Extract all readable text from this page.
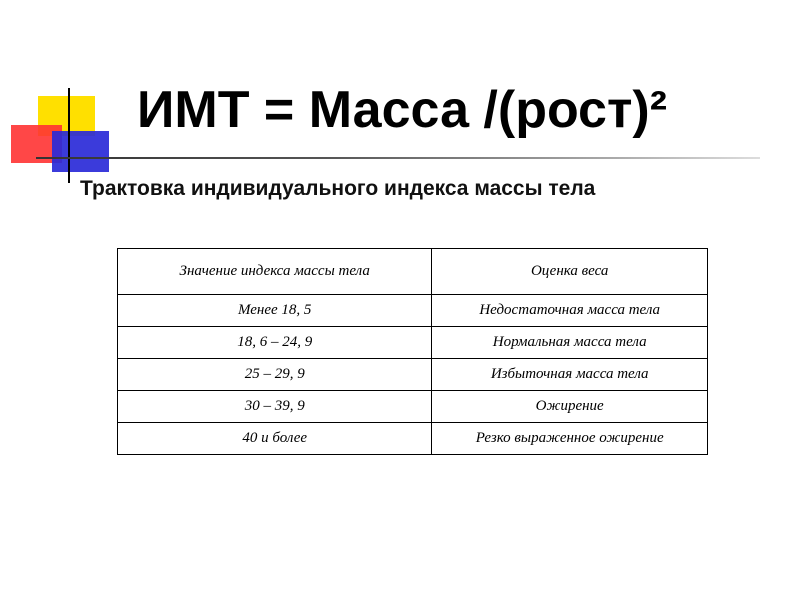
ИМТ = Масса /(рост)²

Трактовка индивидуального индекса массы тела

Значение индекса массы тела	Оценка веса
Менее 18, 5	Недостаточная масса тела
18, 6 – 24, 9	Нормальная масса тела
25 – 29, 9	Избыточная масса тела
30 – 39, 9	Ожирение
40 и более	Резко выраженное ожирение
